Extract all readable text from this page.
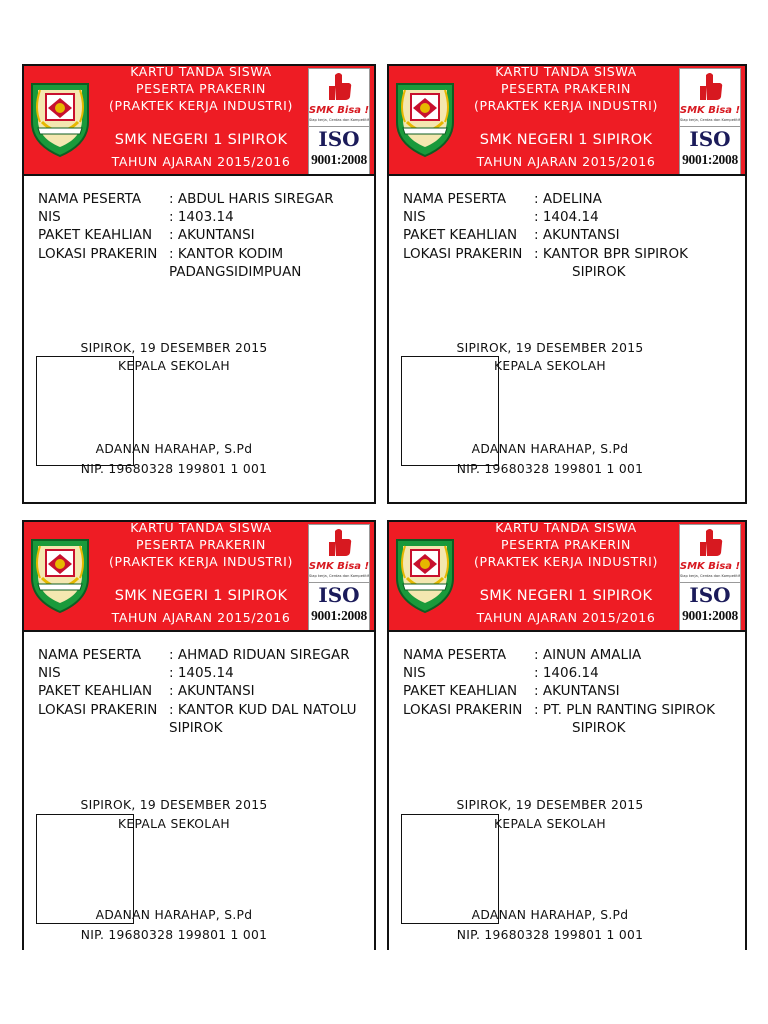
KARTU TANDA SISWA
PESERTA PRAKERIN
(PRAKTEK KERJA INDUSTRI)
SMK NEGERI 1 SIPIROK
TAHUN AJARAN 2015/2016
SMK Bisa !
Siap kerja, Cerdas dan Kompetitif
ISO
9001:2008
NAMA PESERTA : ABDUL HARIS SIREGAR
NIS	: 1403.14
PAKET KEAHLIAN : AKUNTANSI
LOKASI PRAKERIN : KANTOR KODIM
PADANGSIDIMPUAN
SIPIROK, 19 DESEMBER 2015
KEPALA SEKOLAH
ADANAN HARAHAP, S.Pd
NIP. 19680328 199801 1 001
KARTU TANDA SISWA
PESERTA PRAKERIN
(PRAKTEK KERJA INDUSTRI)
SMK NEGERI 1 SIPIROK
TAHUN AJARAN 2015/2016
SMK Bisa !
Siap kerja, Cerdas dan Kompetitif
ISO
9001:2008
NAMA PESERTA : ADELINA
NIS	: 1404.14
PAKET KEAHLIAN : AKUNTANSI
LOKASI PRAKERIN : KANTOR BPR SIPIROK
SIPIROK
SIPIROK, 19 DESEMBER 2015
KEPALA SEKOLAH
ADANAN HARAHAP, S.Pd
NIP. 19680328 199801 1 001
KARTU TANDA SISWA
PESERTA PRAKERIN
(PRAKTEK KERJA INDUSTRI)
SMK NEGERI 1 SIPIROK
TAHUN AJARAN 2015/2016
SMK Bisa !
Siap kerja, Cerdas dan Kompetitif
ISO
9001:2008
NAMA PESERTA : AHMAD RIDUAN SIREGAR
NIS	: 1405.14
PAKET KEAHLIAN : AKUNTANSI
LOKASI PRAKERIN : KANTOR KUD DAL NATOLU
SIPIROK
SIPIROK, 19 DESEMBER 2015
KEPALA SEKOLAH
ADANAN HARAHAP, S.Pd
NIP. 19680328 199801 1 001
KARTU TANDA SISWA
PESERTA PRAKERIN
(PRAKTEK KERJA INDUSTRI)
SMK NEGERI 1 SIPIROK
TAHUN AJARAN 2015/2016
SMK Bisa !
Siap kerja, Cerdas dan Kompetitif
ISO
9001:2008
NAMA PESERTA : AINUN AMALIA
NIS	: 1406.14
PAKET KEAHLIAN : AKUNTANSI
LOKASI PRAKERIN : PT. PLN RANTING SIPIROK
SIPIROK
SIPIROK, 19 DESEMBER 2015
KEPALA SEKOLAH
ADANAN HARAHAP, S.Pd
NIP. 19680328 199801 1 001
